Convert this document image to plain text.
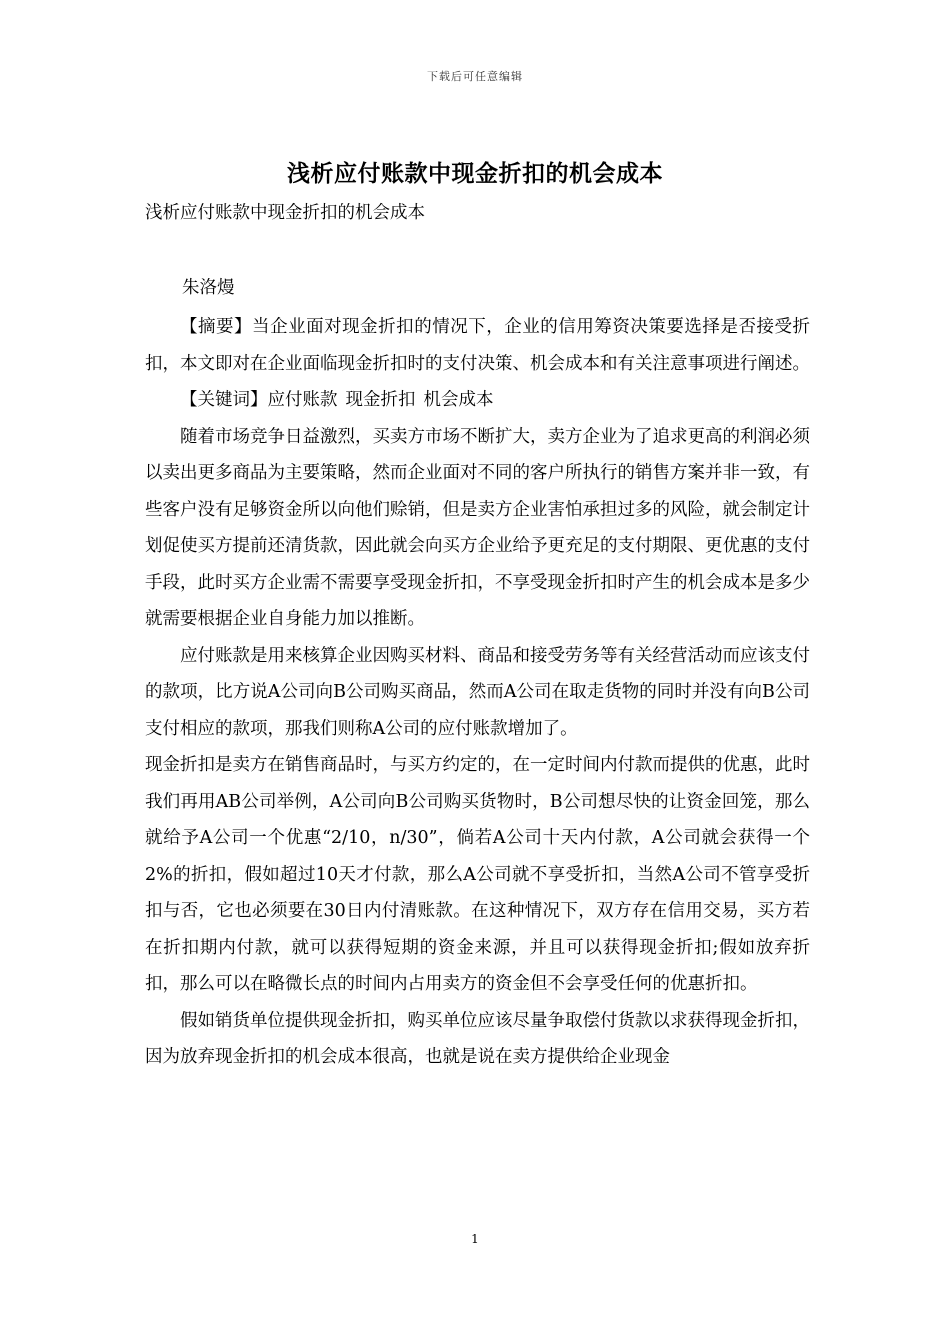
下载后可任意编辑
浅析应付账款中现金折扣的机会成本
浅析应付账款中现金折扣的机会成本
朱洛熳

【摘要】当企业面对现金折扣的情况下，企业的信用筹资决策要选择是否接受折扣，本文即对在企业面临现金折扣时的支付决策、机会成本和有关注意事项进行阐述。

【关键词】应付账款 现金折扣 机会成本

随着市场竞争日益激烈，买卖方市场不断扩大，卖方企业为了追求更高的利润必须以卖出更多商品为主要策略，然而企业面对不同的客户所执行的销售方案并非一致，有些客户没有足够资金所以向他们赊销，但是卖方企业害怕承担过多的风险，就会制定计划促使买方提前还清货款，因此就会向买方企业给予更充足的支付期限、更优惠的支付手段，此时买方企业需不需要享受现金折扣，不享受现金折扣时产生的机会成本是多少就需要根据企业自身能力加以推断。

应付账款是用来核算企业因购买材料、商品和接受劳务等有关经营活动而应该支付的款项，比方说A公司向B公司购买商品，然而A公司在取走货物的同时并没有向B公司支付相应的款项，那我们则称A公司的应付账款增加了。

现金折扣是卖方在销售商品时，与买方约定的，在一定时间内付款而提供的优惠，此时我们再用AB公司举例，A公司向B公司购买货物时，B公司想尽快的让资金回笼，那么就给予A公司一个优惠“2/10，n/30”，倘若A公司十天内付款，A公司就会获得一个2%的折扣，假如超过10天才付款，那么A公司就不享受折扣，当然A公司不管享受折扣与否，它也必须要在30日内付清账款。在这种情况下，双方存在信用交易，买方若在折扣期内付款，就可以获得短期的资金来源，并且可以获得现金折扣;假如放弃折扣，那么可以在略微长点的时间内占用卖方的资金但不会享受任何的优惠折扣。

假如销货单位提供现金折扣，购买单位应该尽量争取偿付货款以求获得现金折扣，因为放弃现金折扣的机会成本很高，也就是说在卖方提供给企业现金

1
